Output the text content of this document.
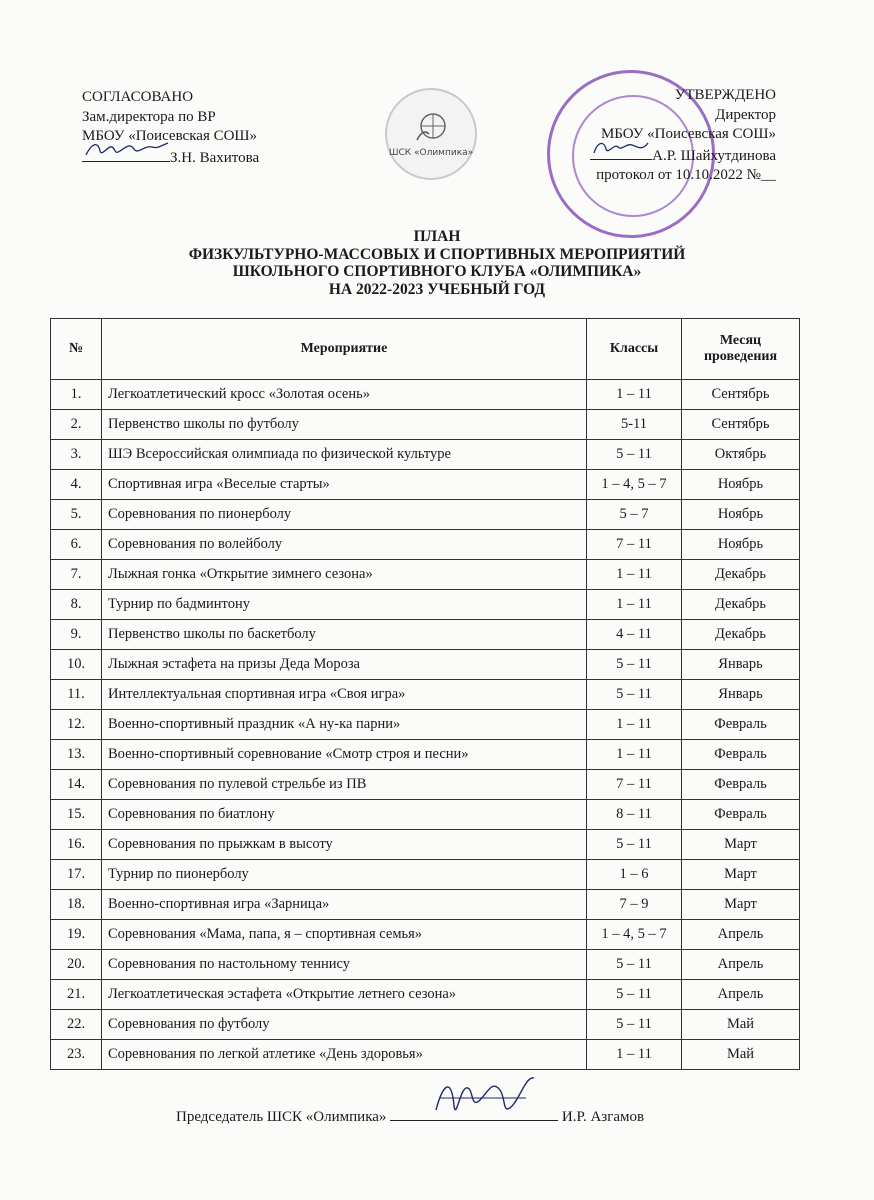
СОГЛАСОВАНО
Зам.директора по ВР
МБОУ «Поисевская СОШ»
З.Н. Вахитова	ШСК «Олимпика»
УТВЕРЖДЕНО
Директор
МБОУ «Поисевская СОШ»
А.Р. Шайхутдинова
протокол от 10.10.2022 №__
ПЛАН
ФИЗКУЛЬТУРНО-МАССОВЫХ И СПОРТИВНЫХ МЕРОПРИЯТИЙ
ШКОЛЬНОГО СПОРТИВНОГО КЛУБА «ОЛИМПИКА»
НА 2022-2023 УЧЕБНЫЙ ГОД
№	Мероприятие	Классы	Месяц
проведения

1.	Легкоатлетический кросс «Золотая осень»	1 – 11	Сентябрь
2.	Первенство школы по футболу	5-11	Сентябрь
3.	ШЭ Всероссийская олимпиада по физической культуре	5 – 11	Октябрь
4.	Спортивная игра «Веселые старты»	1 – 4, 5 – 7	Ноябрь
5.	Соревнования по пионерболу	5 – 7	Ноябрь
6.	Соревнования по волейболу	7 – 11	Ноябрь
7.	Лыжная гонка «Открытие зимнего сезона»	1 – 11	Декабрь
8.	Турнир по бадминтону	1 – 11	Декабрь
9.	Первенство школы по баскетболу	4 – 11	Декабрь
10.	Лыжная эстафета на призы Деда Мороза	5 – 11	Январь
11.	Интеллектуальная спортивная игра «Своя игра»	5 – 11	Январь
12.	Военно-спортивный праздник «А ну-ка парни»	1 – 11	Февраль
13.	Военно-спортивный соревнование «Смотр строя и песни»	1 – 11	Февраль
14.	Соревнования по пулевой стрельбе из ПВ	7 – 11	Февраль
15.	Соревнования по биатлону	8 – 11	Февраль
16.	Соревнования по прыжкам в высоту	5 – 11	Март
17.	Турнир по пионерболу	1 – 6	Март
18.	Военно-спортивная игра «Зарница»	7 – 9	Март
19.	Соревнования «Мама, папа, я – спортивная семья»	1 – 4, 5 – 7	Апрель
20.	Соревнования по настольному теннису	5 – 11	Апрель
21.	Легкоатлетическая эстафета «Открытие летнего сезона»	5 – 11	Апрель
22.	Соревнования по футболу	5 – 11	Май
23.	Соревнования по легкой атлетике «День здоровья»	1 – 11	Май
Председатель ШСК «Олимпика»	И.Р. Азгамов
